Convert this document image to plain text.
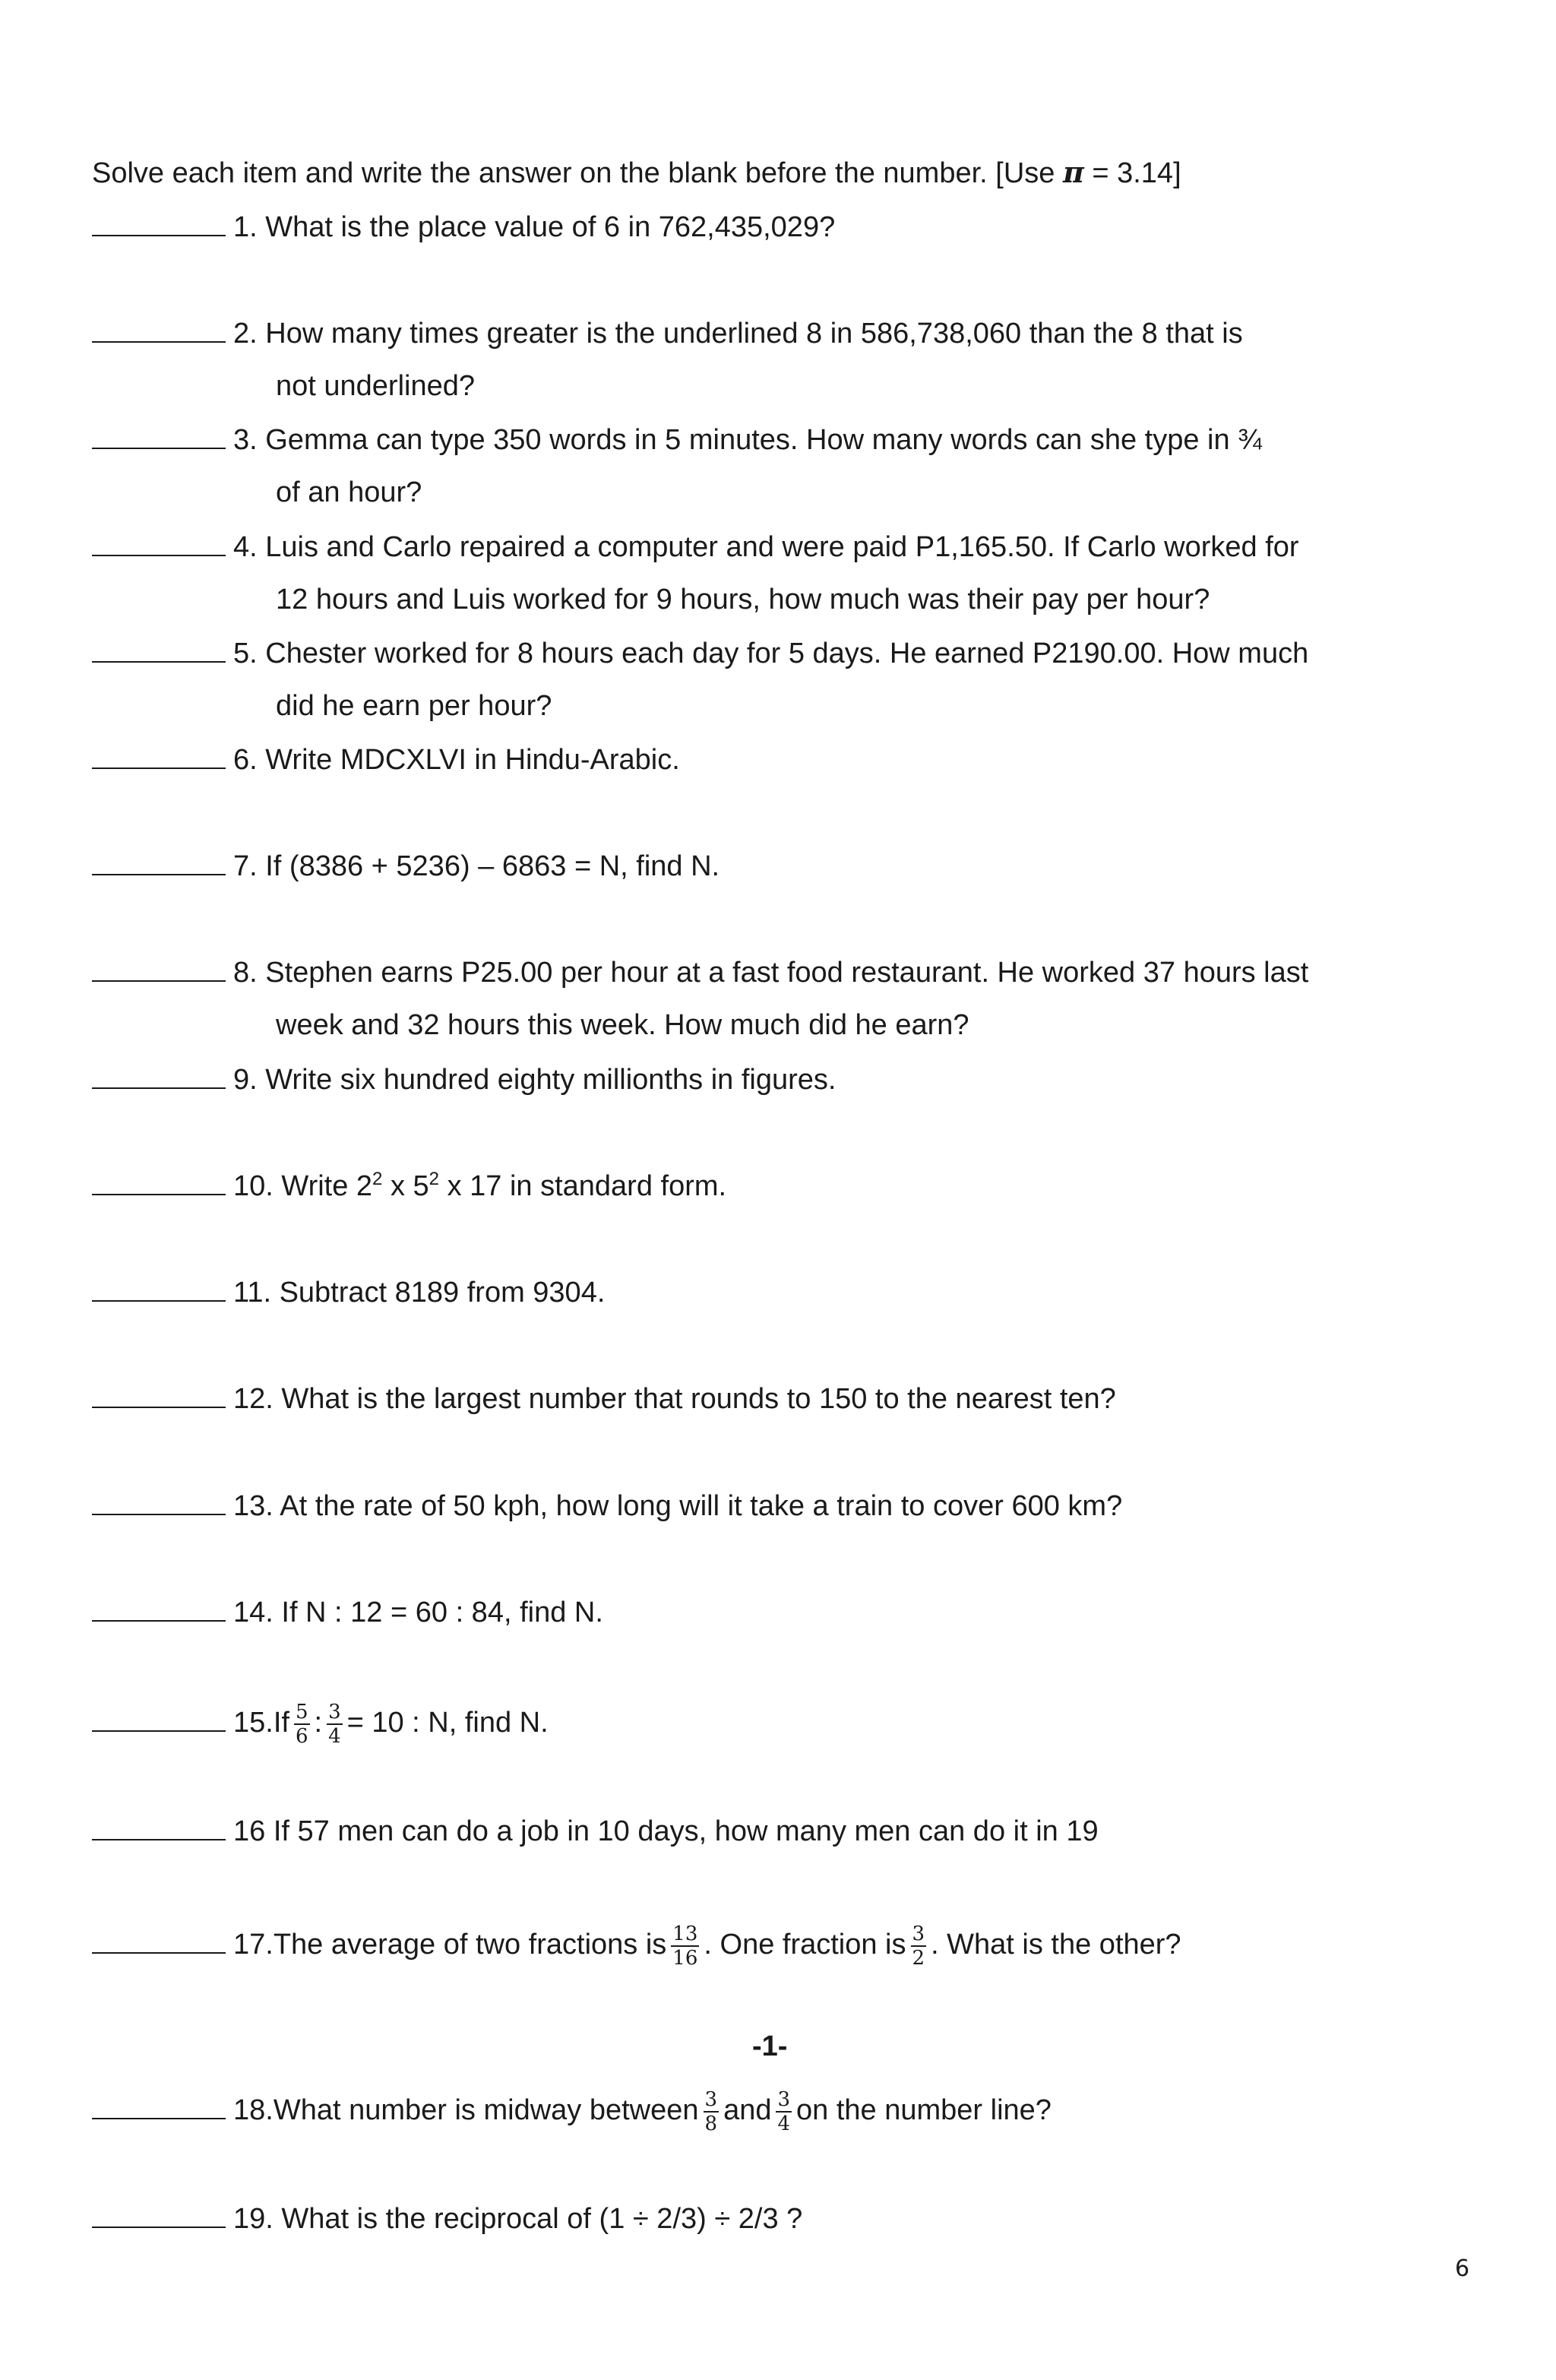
Solve each item and write the answer on the blank before the number. [Use π = 3.14]
1. What is the place value of 6 in 762,435,029?
2. How many times greater is the underlined 8 in 586,738,060 than the 8 that is
not underlined?
3. Gemma can type 350 words in 5 minutes. How many words can she type in ¾
of an hour?
4. Luis and Carlo repaired a computer and were paid P1,165.50. If Carlo worked for
12 hours and Luis worked for 9 hours, how much was their pay per hour?
5. Chester worked for 8 hours each day for 5 days. He earned P2190.00. How much
did he earn per hour?
6. Write MDCXLVI in Hindu-Arabic.
7. If (8386 + 5236) – 6863 = N, find N.
8. Stephen earns P25.00 per hour at a fast food restaurant. He worked 37 hours last
week and 32 hours this week. How much did he earn?
9. Write six hundred eighty millionths in figures.
10. Write $2^2$ x $5^2$ x 17 in standard form.
11. Subtract 8189 from 9304.
12. What is the largest number that rounds to 150 to the nearest ten?
13. At the rate of 50 kph, how long will it take a train to cover 600 km?
14. If N : 12 = 60 : 84, find N.
$15.If \frac{5}{6}$ : $\frac{3}{4} = 10$ : N, find N.
16 If 57 men can do a job in 10 days, how many men can do it in 19
17.The average of two fractions is $\frac{13}{16}$ . One fraction is $\frac{3}{2}$ . What is the other?
-1-
18.What number is midway between $\frac{3}{8}$ and $\frac{3}{4}$ on the number line?
19. What is the reciprocal of (1 ÷ 2/3) ÷ 2/3 ?
6
